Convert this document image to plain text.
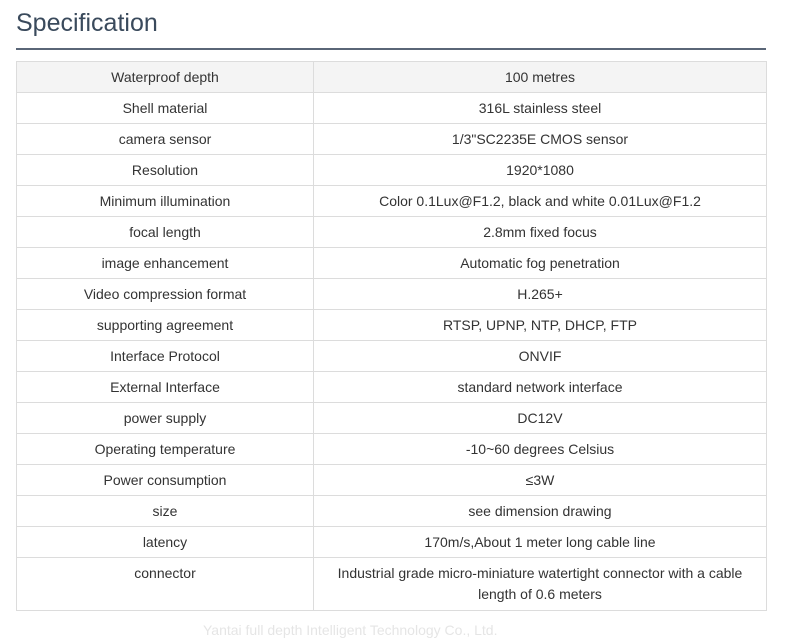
Specification
Waterproof depth	100 metres
Shell material	316L stainless steel
camera sensor	1/3"SC2235E CMOS sensor
Resolution	1920*1080
Minimum illumination	Color 0.1Lux@F1.2, black and white 0.01Lux@F1.2
focal length	2.8mm fixed focus
image enhancement	Automatic fog penetration
Video compression format	H.265+
supporting agreement	RTSP, UPNP, NTP, DHCP, FTP
Interface Protocol	ONVIF
External Interface	standard network interface
power supply	DC12V
Operating temperature	-10~60 degrees Celsius
Power consumption	≤3W
size	see dimension drawing
latency	170m/s,About 1 meter long cable line
connector	Industrial grade micro-miniature watertight connector with a cable length of 0.6 meters
Yantai full depth Intelligent Technology Co., Ltd.
